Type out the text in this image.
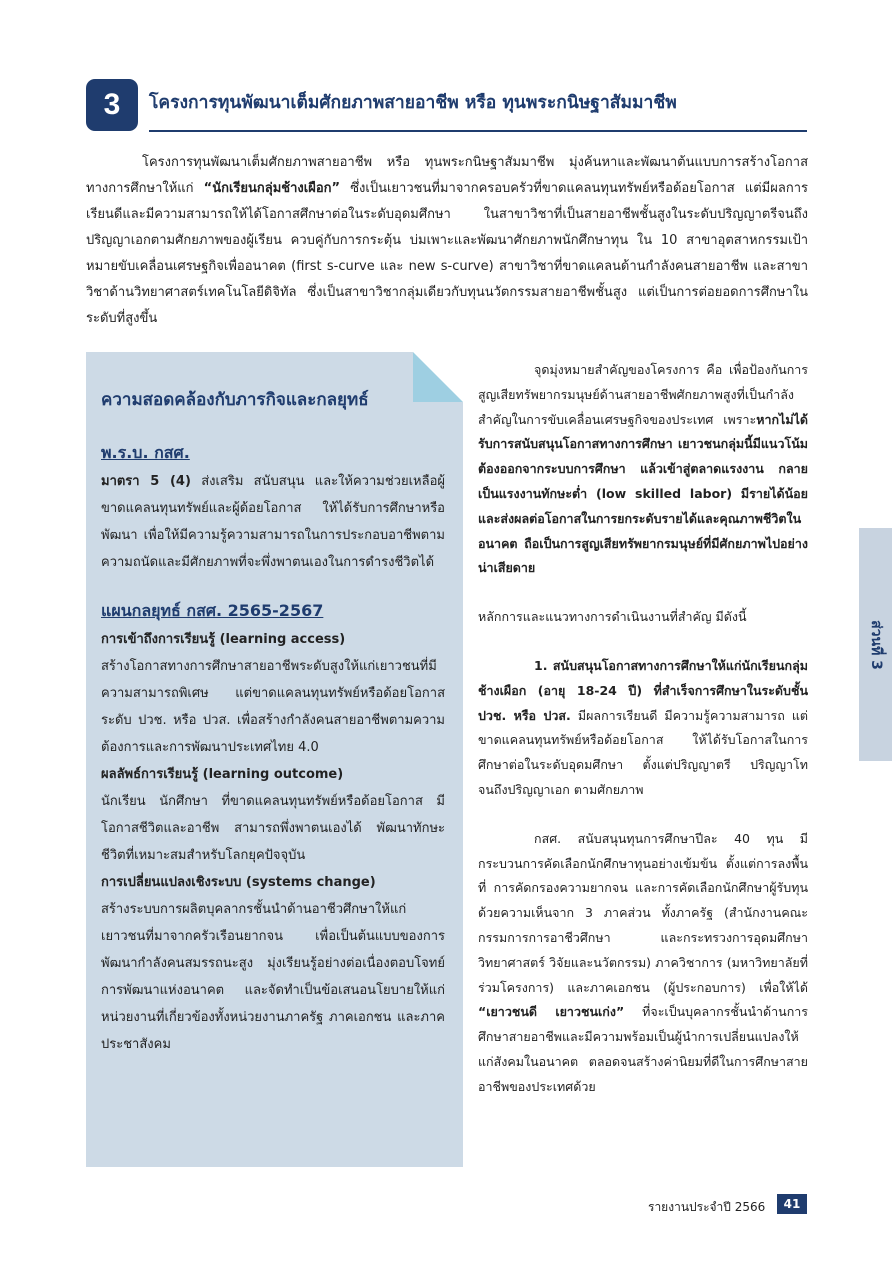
3	โครงการทุนพัฒนาเต็มศักยภาพสายอาชีพ หรือ ทุนพระกนิษฐาสัมมาชีพ

โครงการทุนพัฒนาเต็มศักยภาพสายอาชีพ หรือ ทุนพระกนิษฐาสัมมาชีพ มุ่งค้นหาและพัฒนาต้นแบบการสร้างโอกาสทางการศึกษาให้แก่ “นักเรียนกลุ่มช้างเผือก” ซึ่งเป็นเยาวชนที่มาจากครอบครัวที่ขาดแคลนทุนทรัพย์หรือด้อยโอกาส แต่มีผลการเรียนดีและมีความสามารถให้ได้โอกาสศึกษาต่อในระดับอุดมศึกษา ในสาขาวิชาที่เป็นสายอาชีพชั้นสูงในระดับปริญญาตรีจนถึงปริญญาเอกตามศักยภาพของผู้เรียน ควบคู่กับการกระตุ้น บ่มเพาะและพัฒนาศักยภาพนักศึกษาทุน ใน 10 สาขาอุตสาหกรรมเป้าหมายขับเคลื่อนเศรษฐกิจเพื่ออนาคต (first s-curve และ new s-curve) สาขาวิชาที่ขาดแคลนด้านกำลังคนสายอาชีพ และสาขาวิชาด้านวิทยาศาสตร์เทคโนโลยีดิจิทัล ซึ่งเป็นสาขาวิชากลุ่มเดียวกับทุนนวัตกรรมสายอาชีพชั้นสูง แต่เป็นการต่อยอดการศึกษาในระดับที่สูงขึ้น

ความสอดคล้องกับภารกิจและกลยุทธ์
พ.ร.บ. กสศ.

มาตรา 5 (4) ส่งเสริม สนับสนุน และให้ความช่วยเหลือผู้ขาดแคลนทุนทรัพย์และผู้ด้อยโอกาส ให้ได้รับการศึกษาหรือพัฒนา เพื่อให้มีความรู้ความสามารถในการประกอบอาชีพตามความถนัดและมีศักยภาพที่จะพึ่งพาตนเองในการดำรงชีวิตได้

แผนกลยุทธ์ กสศ. 2565-2567

การเข้าถึงการเรียนรู้ (learning access)

สร้างโอกาสทางการศึกษาสายอาชีพระดับสูงให้แก่เยาวชนที่มีความสามารถพิเศษ แต่ขาดแคลนทุนทรัพย์หรือด้อยโอกาสระดับ ปวช. หรือ ปวส. เพื่อสร้างกำลังคนสายอาชีพตามความต้องการและการพัฒนาประเทศไทย 4.0

ผลลัพธ์การเรียนรู้ (learning outcome)

นักเรียน นักศึกษา ที่ขาดแคลนทุนทรัพย์หรือด้อยโอกาส มีโอกาสชีวิตและอาชีพ สามารถพึ่งพาตนเองได้ พัฒนาทักษะชีวิตที่เหมาะสมสำหรับโลกยุคปัจจุบัน

การเปลี่ยนแปลงเชิงระบบ (systems change)

สร้างระบบการผลิตบุคลากรชั้นนำด้านอาชีวศึกษาให้แก่เยาวชนที่มาจากครัวเรือนยากจน เพื่อเป็นต้นแบบของการพัฒนากำลังคนสมรรถนะสูง มุ่งเรียนรู้อย่างต่อเนื่องตอบโจทย์การพัฒนาแห่งอนาคต และจัดทำเป็นข้อเสนอนโยบายให้แก่หน่วยงานที่เกี่ยวข้องทั้งหน่วยงานภาครัฐ ภาคเอกชน และภาคประชาสังคม

จุดมุ่งหมายสำคัญของโครงการ คือ เพื่อป้องกันการสูญเสียทรัพยากรมนุษย์ด้านสายอาชีพศักยภาพสูงที่เป็นกำลังสำคัญในการขับเคลื่อนเศรษฐกิจของประเทศ เพราะหากไม่ได้รับการสนับสนุนโอกาสทางการศึกษา เยาวชนกลุ่มนี้มีแนวโน้มต้องออกจากระบบการศึกษา แล้วเข้าสู่ตลาดแรงงาน กลายเป็นแรงงานทักษะต่ำ (low skilled labor) มีรายได้น้อย และส่งผลต่อโอกาสในการยกระดับรายได้และคุณภาพชีวิตในอนาคต ถือเป็นการสูญเสียทรัพยากรมนุษย์ที่มีศักยภาพไปอย่างน่าเสียดาย

หลักการและแนวทางการดำเนินงานที่สำคัญ มีดังนี้

1. สนับสนุนโอกาสทางการศึกษาให้แก่นักเรียนกลุ่มช้างเผือก (อายุ 18-24 ปี) ที่สำเร็จการศึกษาในระดับชั้น ปวช. หรือ ปวส. มีผลการเรียนดี มีความรู้ความสามารถ แต่ขาดแคลนทุนทรัพย์หรือด้อยโอกาส ให้ได้รับโอกาสในการศึกษาต่อในระดับอุดมศึกษา ตั้งแต่ปริญญาตรี ปริญญาโท จนถึงปริญญาเอก ตามศักยภาพ

กสศ. สนับสนุนทุนการศึกษาปีละ 40 ทุน มีกระบวนการคัดเลือกนักศึกษาทุนอย่างเข้มข้น ตั้งแต่การลงพื้นที่ การคัดกรองความยากจน และการคัดเลือกนักศึกษาผู้รับทุน ด้วยความเห็นจาก 3 ภาคส่วน ทั้งภาครัฐ (สำนักงานคณะกรรมการการอาชีวศึกษา และกระทรวงการอุดมศึกษา วิทยาศาสตร์ วิจัยและนวัตกรรม) ภาควิชาการ (มหาวิทยาลัยที่ร่วมโครงการ) และภาคเอกชน (ผู้ประกอบการ) เพื่อให้ได้ “เยาวชนดี เยาวชนเก่ง” ที่จะเป็นบุคลากรชั้นนำด้านการศึกษาสายอาชีพและมีความพร้อมเป็นผู้นำการเปลี่ยนแปลงให้แก่สังคมในอนาคต ตลอดจนสร้างค่านิยมที่ดีในการศึกษาสายอาชีพของประเทศด้วย

ส่วนที่ 3
รายงานประจำปี 2566	41
